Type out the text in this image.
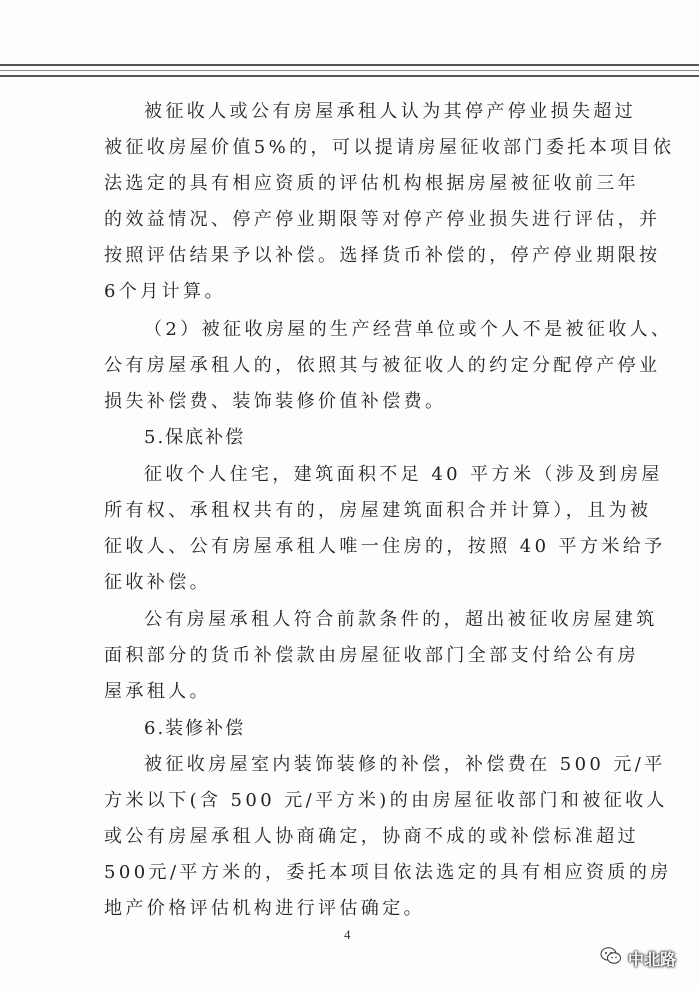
被征收人或公有房屋承租人认为其停产停业损失超过
被征收房屋价值5%的，可以提请房屋征收部门委托本项目依
法选定的具有相应资质的评估机构根据房屋被征收前三年
的效益情况、停产停业期限等对停产停业损失进行评估，并
按照评估结果予以补偿。选择货币补偿的，停产停业期限按
6个月计算。
（2）被征收房屋的生产经营单位或个人不是被征收人、
公有房屋承租人的，依照其与被征收人的约定分配停产停业
损失补偿费、装饰装修价值补偿费。
5.保底补偿
征收个人住宅，建筑面积不足 40 平方米（涉及到房屋
所有权、承租权共有的，房屋建筑面积合并计算），且为被
征收人、公有房屋承租人唯一住房的，按照 40 平方米给予
征收补偿。
公有房屋承租人符合前款条件的，超出被征收房屋建筑
面积部分的货币补偿款由房屋征收部门全部支付给公有房
屋承租人。
6.装修补偿
被征收房屋室内装饰装修的补偿，补偿费在 500 元/平
方米以下(含 500 元/平方米)的由房屋征收部门和被征收人
或公有房屋承租人协商确定，协商不成的或补偿标准超过
500元/平方米的，委托本项目依法选定的具有相应资质的房
地产价格评估机构进行评估确定。
4
中北路
